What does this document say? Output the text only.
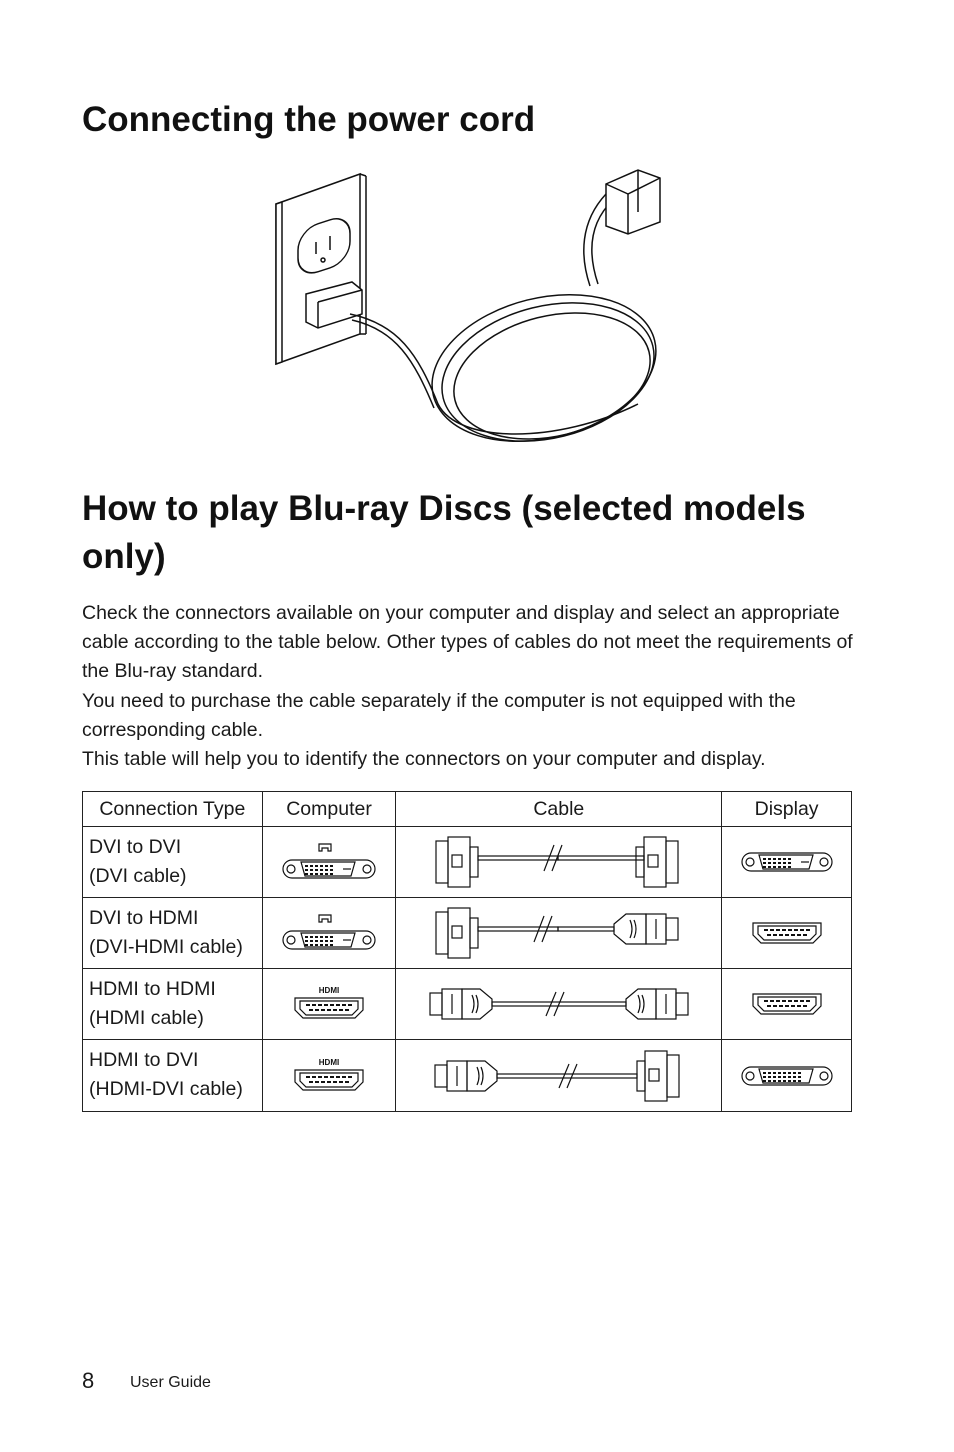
Connecting the power cord
How to play Blu-ray Discs (selected models only)

Check the connectors available on your computer and display and select an appropriate cable according to the table below. Other types of cables do not meet the requirements of the Blu-ray standard.

You need to purchase the cable separately if the computer is not equipped with the corresponding cable.

This table will help you to identify the connectors on your computer and display.

Connection Type	Computer	Cable	Display

DVI to DVI
(DVI cable)

DVI to HDMI
(DVI-HDMI cable)

HDMI to HDMI
(HDMI cable)	HDMI

HDMI to DVI
(HDMI-DVI cable)	HDMI

8 User Guide
